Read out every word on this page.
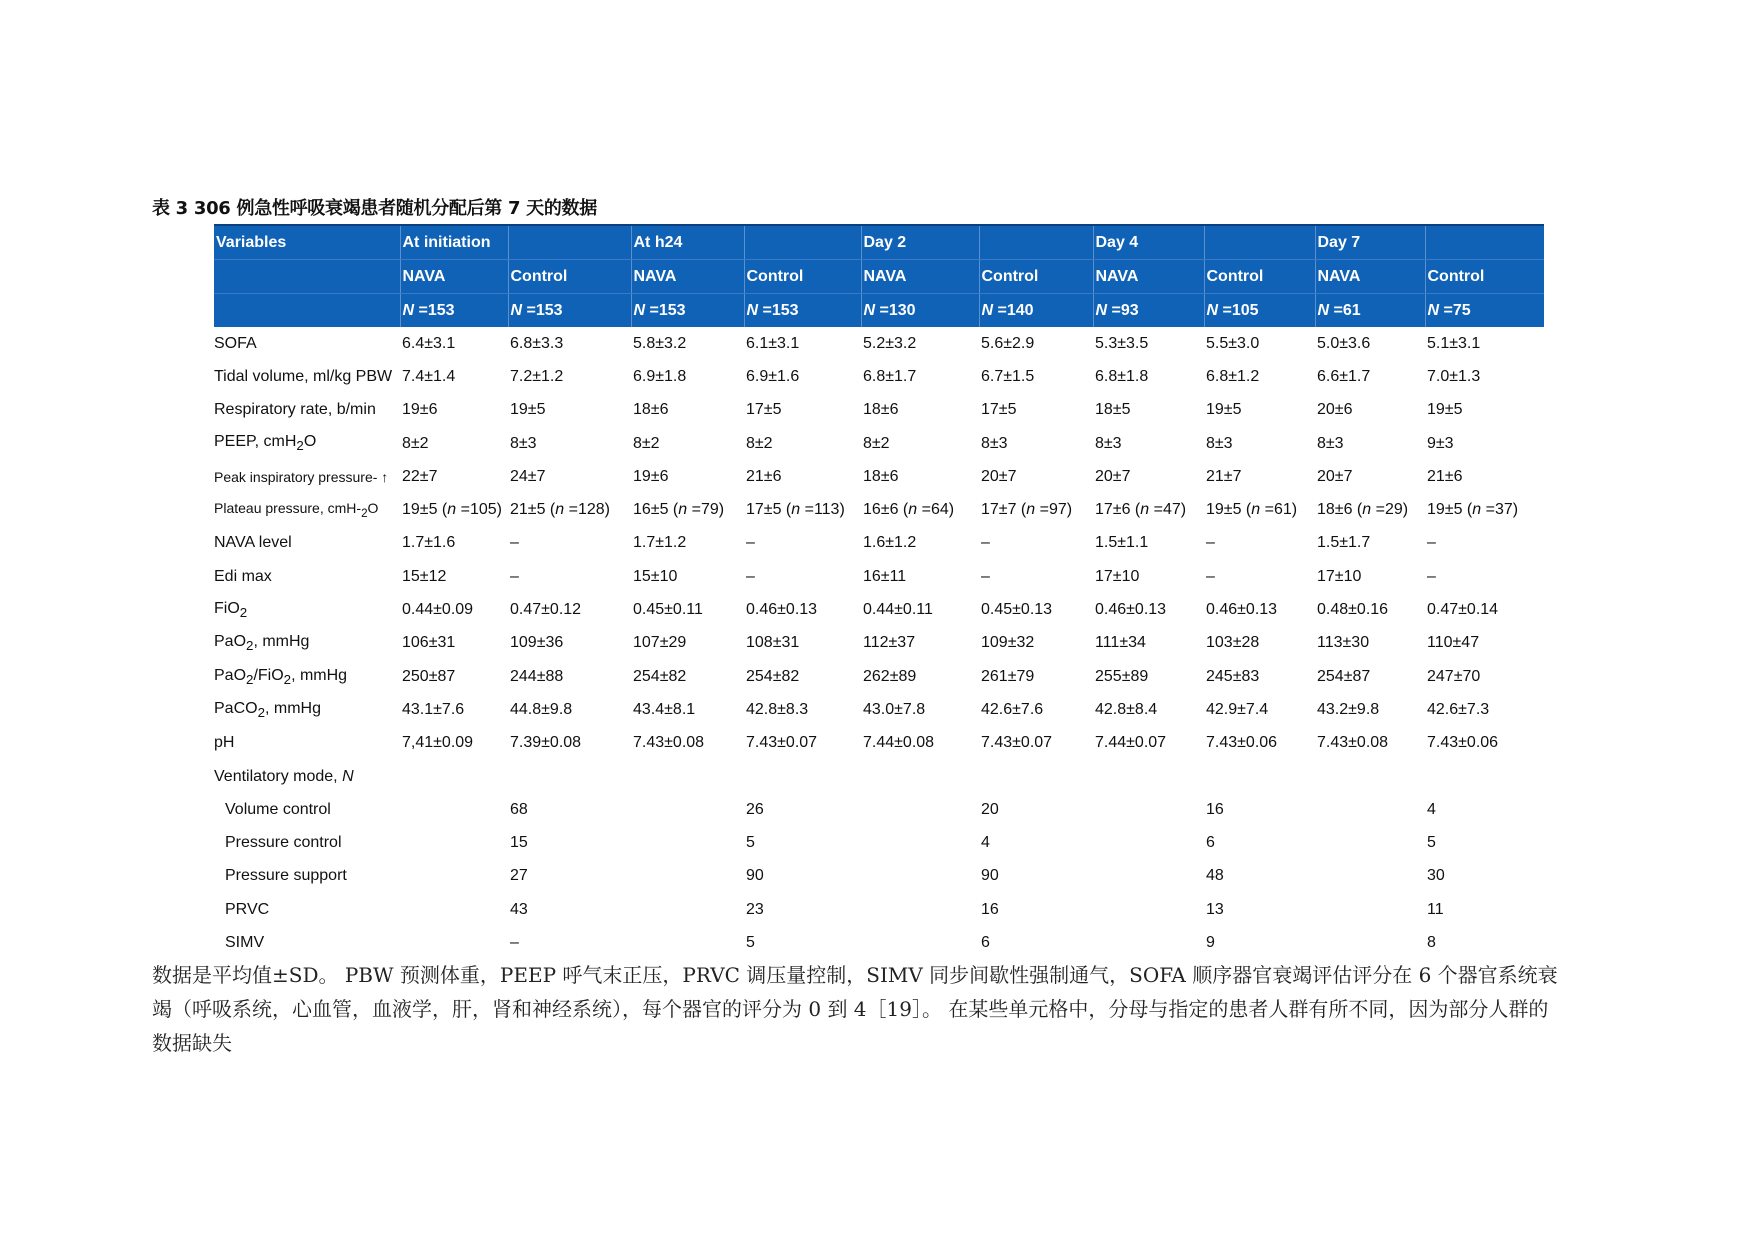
表 3 306 例急性呼吸衰竭患者随机分配后第 7 天的数据
Variables	At initiation		At h24		Day 2		Day 4		Day 7	
	NAVA	Control	NAVA	Control	NAVA	Control	NAVA	Control	NAVA	Control
	N =153	N =153	N =153	N =153	N =130	N =140	N =93	N =105	N =61	N =75
SOFA	6.4±3.1	6.8±3.3	5.8±3.2	6.1±3.1	5.2±3.2	5.6±2.9	5.3±3.5	5.5±3.0	5.0±3.6	5.1±3.1
Tidal volume, ml/kg PBW	7.4±1.4	7.2±1.2	6.9±1.8	6.9±1.6	6.8±1.7	6.7±1.5	6.8±1.8	6.8±1.2	6.6±1.7	7.0±1.3
Respiratory rate, b/min	19±6	19±5	18±6	17±5	18±6	17±5	18±5	19±5	20±6	19±5
PEEP, cmH$_2$O	8±2	8±3	8±2	8±2	8±2	8±3	8±3	8±3	8±3	9±3
Peak inspiratory pressure- ↑	22±7	24±7	19±6	21±6	18±6	20±7	20±7	21±7	20±7	21±6
Plateau pressure, cmH-$_2O$	19±5 (n =105)	21±5 (n =128)	16±5 (n =79)	17±5 (n =113)	16±6 (n =64)	17±7 (n =97)	17±6 (n =47)	19±5 (n =61)	18±6 (n =29)	19±5 (n =37)
NAVA level	1.7±1.6	–	1.7±1.2	–	1.6±1.2	–	1.5±1.1	–	1.5±1.7	–
Edi max	15±12	–	15±10	–	16±11	–	17±10	–	17±10	–
FiO$_2$	0.44±0.09	0.47±0.12	0.45±0.11	0.46±0.13	0.44±0.11	0.45±0.13	0.46±0.13	0.46±0.13	0.48±0.16	0.47±0.14
PaO$_2$, mmHg	106±31	109±36	107±29	108±31	112±37	109±32	111±34	103±28	113±30	110±47
PaO$_2$/FiO$_2$, mmHg	250±87	244±88	254±82	254±82	262±89	261±79	255±89	245±83	254±87	247±70
PaCO$_2$, mmHg	43.1±7.6	44.8±9.8	43.4±8.1	42.8±8.3	43.0±7.8	42.6±7.6	42.8±8.4	42.9±7.4	43.2±9.8	42.6±7.3
pH	7,41±0.09	7.39±0.08	7.43±0.08	7.43±0.07	7.44±0.08	7.43±0.07	7.44±0.07	7.43±0.06	7.43±0.08	7.43±0.06
Ventilatory mode, N										
Volume control		68		26		20		16		4
Pressure control		15		5		4		6		5
Pressure support		27		90		90		48		30
PRVC		43		23		16		13		11
SIMV		–		5		6		9		8
数据是平均值±SD。 PBW 预测体重，PEEP 呼气末正压，PRVC 调压量控制，SIMV 同步间歇性强制通气，SOFA 顺序器官衰竭评估评分在 6 个器官系统衰竭（呼吸系统，心血管，血液学，肝，肾和神经系统），每个器官的评分为 0 到 4［19］。 在某些单元格中，分母与指定的患者人群有所不同，因为部分人群的数据缺失
